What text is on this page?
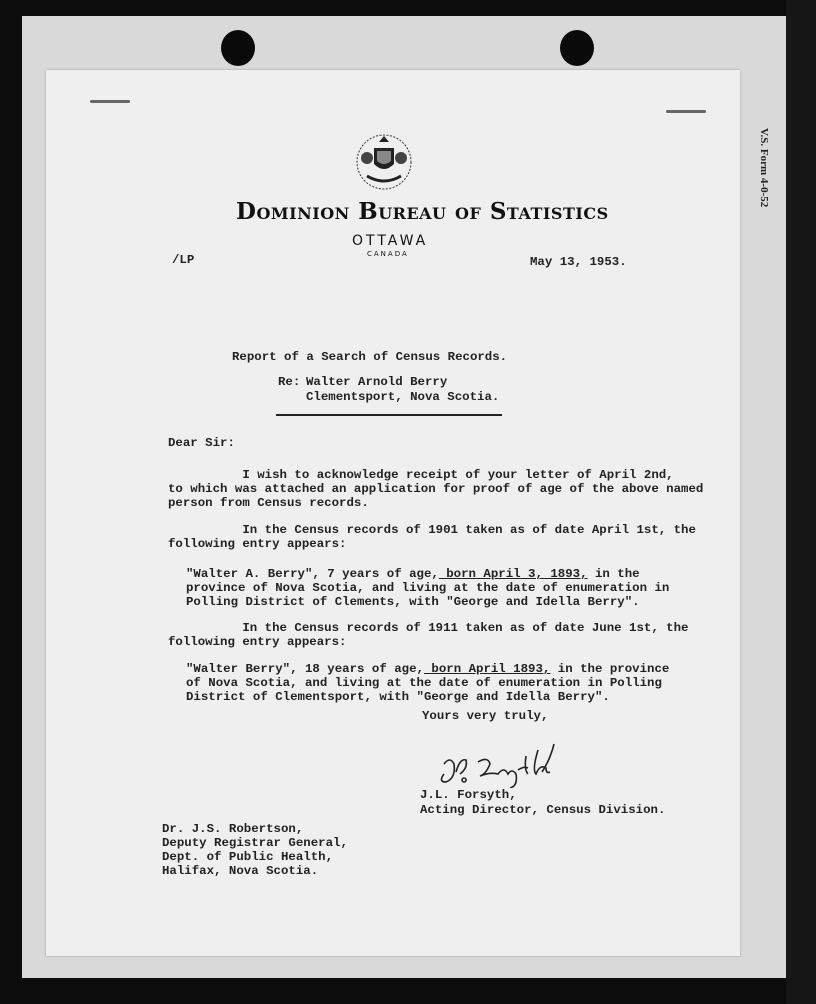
V.S. Form 4-0-52
Dominion Bureau of Statistics
OTTAWA
CANADA
/LP	May 13, 1953.
Report of a Search of Census Records.
Re: Walter Arnold Berry
Clementsport, Nova Scotia.
Dear Sir:
I wish to acknowledge receipt of your letter of April 2nd,
to which was attached an application for proof of age of the above named
person from Census records.
In the Census records of 1901 taken as of date April 1st, the
following entry appears:
"Walter A. Berry", 7 years of age, born April 3, 1893, in the
province of Nova Scotia, and living at the date of enumeration in
Polling District of Clements, with "George and Idella Berry".
In the Census records of 1911 taken as of date June 1st, the
following entry appears:
"Walter Berry", 18 years of age, born April 1893, in the province
of Nova Scotia, and living at the date of enumeration in Polling
District of Clementsport, with "George and Idella Berry".
Yours very truly,
J.L. Forsyth,
Acting Director, Census Division.
Dr. J.S. Robertson,
Deputy Registrar General,
Dept. of Public Health,
Halifax, Nova Scotia.
